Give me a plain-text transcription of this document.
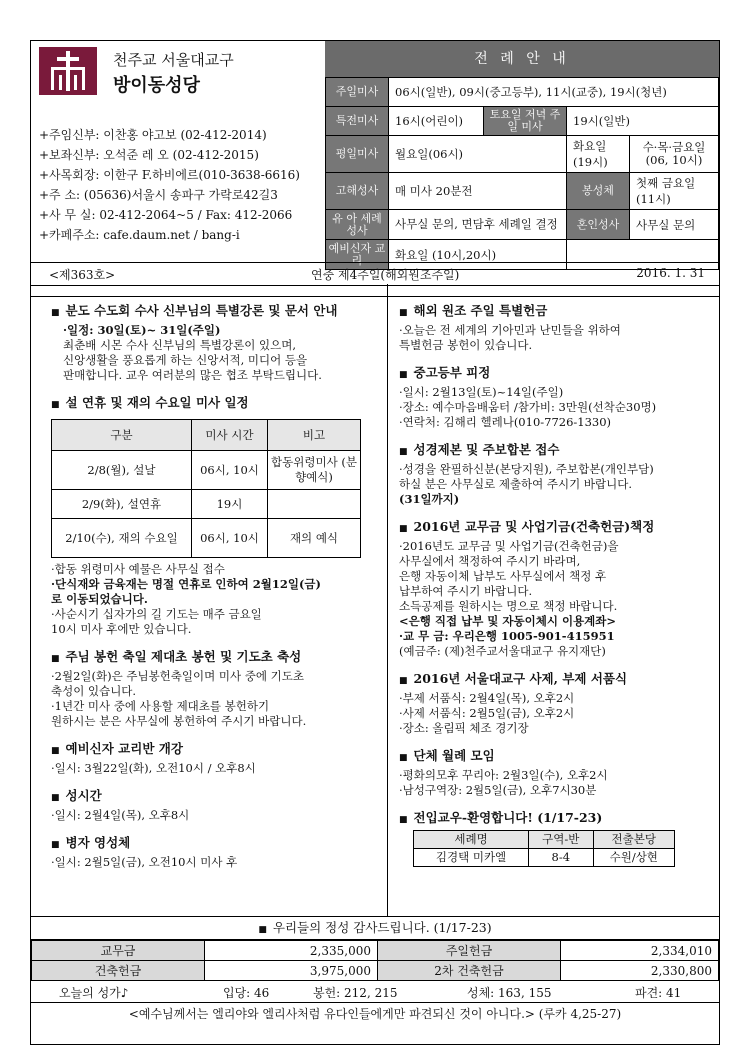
천주교 서울대교구
방이동성당
+주임신부: 이찬홍 야고보 (02-412-2014)
+보좌신부: 오석준 레 오 (02-412-2015)
+사목회장: 이한구 F.하비에르(010-3638-6616)
+주 소: (05636)서울시 송파구 가락로42길3
+사 무 실: 02-412-2064~5 / Fax: 412-2066
+카페주소: cafe.daum.net / bang-i
전 례 안 내
주일미사	06시(일반), 09시(중고등부), 11시(교중), 19시(청년)			
특전미사	16시(어린이)	토요일 저녁 주일 미사	19시(일반)	
평일미사	월요일(06시)		화요일(19시)	수·목·금요일 (06, 10시)
고해성사	매 미사 20분전		봉성체	첫째 금요일 (11시)
유 아 세례성사	사무실 문의, 면담후 세례일 결정		혼인성사	사무실 문의
예비신자 교 리	화요일 (10시,20시)			
<제363호>	연중 제4주일(해외원조주일)	2016. 1. 31
■ 분도 수도회 수사 신부님의 특별강론 및 문서 안내
·일정: 30일(토)~ 31일(주일)
최춘배 시몬 수사 신부님의 특별강론이 있으며,
신앙생활을 풍요롭게 하는 신앙서적, 미디어 등을
판매합니다. 교우 여러분의 많은 협조 부탁드립니다.
■ 설 연휴 및 재의 수요일 미사 일정
구분	미사 시간	비고
2/8(월), 설날	06시, 10시	합동위령미사 (분향예식)
2/9(화), 설연휴	19시	
2/10(수), 재의 수요일	06시, 10시	재의 예식
·합동 위령미사 예물은 사무실 접수
·단식재와 금육재는 명절 연휴로 인하여 2월12일(금)
로 이동되었습니다.
·사순시기 십자가의 길 기도는 매주 금요일
10시 미사 후에만 있습니다.
■ 주님 봉헌 축일 제대초 봉헌 및 기도초 축성
·2월2일(화)은 주님봉헌축일이며 미사 중에 기도초
축성이 있습니다.
·1년간 미사 중에 사용할 제대초를 봉헌하기
원하시는 분은 사무실에 봉헌하여 주시기 바랍니다.
■ 예비신자 교리반 개강
·일시: 3월22일(화), 오전10시 / 오후8시
■ 성시간
·일시: 2월4일(목), 오후8시
■ 병자 영성체
·일시: 2월5일(금), 오전10시 미사 후
■ 해외 원조 주일 특별헌금
·오늘은 전 세계의 기아민과 난민들을 위하여
특별헌금 봉헌이 있습니다.
■ 중고등부 피정
·일시: 2월13일(토)~14일(주일)
·장소: 예수마음배움터 /참가비: 3만원(선착순30명)
·연락처: 김해리 헬레나(010-7726-1330)
■ 성경제본 및 주보합본 접수
·성경을 완필하신분(본당지원), 주보합본(개인부담)
하실 분은 사무실로 제출하여 주시기 바랍니다.
(31일까지)
■ 2016년 교무금 및 사업기금(건축헌금)책정
·2016년도 교무금 및 사업기금(건축헌금)을
사무실에서 책정하여 주시기 바라며,
은행 자동이체 납부도 사무실에서 책정 후
납부하여 주시기 바랍니다.
소득공제를 원하시는 명으로 책정 바랍니다.
<은행 직접 납부 및 자동이체시 이용계좌>
·교 무 금: 우리은행 1005-901-415951
(예금주: (제)천주교서울대교구 유지재단)
■ 2016년 서울대교구 사제, 부제 서품식
·부제 서품식: 2월4일(목), 오후2시
·사제 서품식: 2월5일(금), 오후2시
·장소: 올림픽 체조 경기장
■ 단체 월례 모임
·평화의모후 꾸리아: 2월3일(수), 오후2시
·남성구역장: 2월5일(금), 오후7시30분
■ 전입교우-환영합니다! (1/17-23)
세례명	구역-반	전출본당
김경택 미카엘	8-4	수원/상현
■ 우리들의 정성 감사드립니다. (1/17-23)
교무금	2,335,000	주일헌금	2,334,010
건축헌금	3,975,000	2차 건축헌금	2,330,800
오늘의 성가♪	입당: 46	봉헌: 212, 215	성체: 163, 155	파견: 41
<예수님께서는 엘리야와 엘리사처럼 유다인들에게만 파견되신 것이 아니다.> (루카 4,25-27)
